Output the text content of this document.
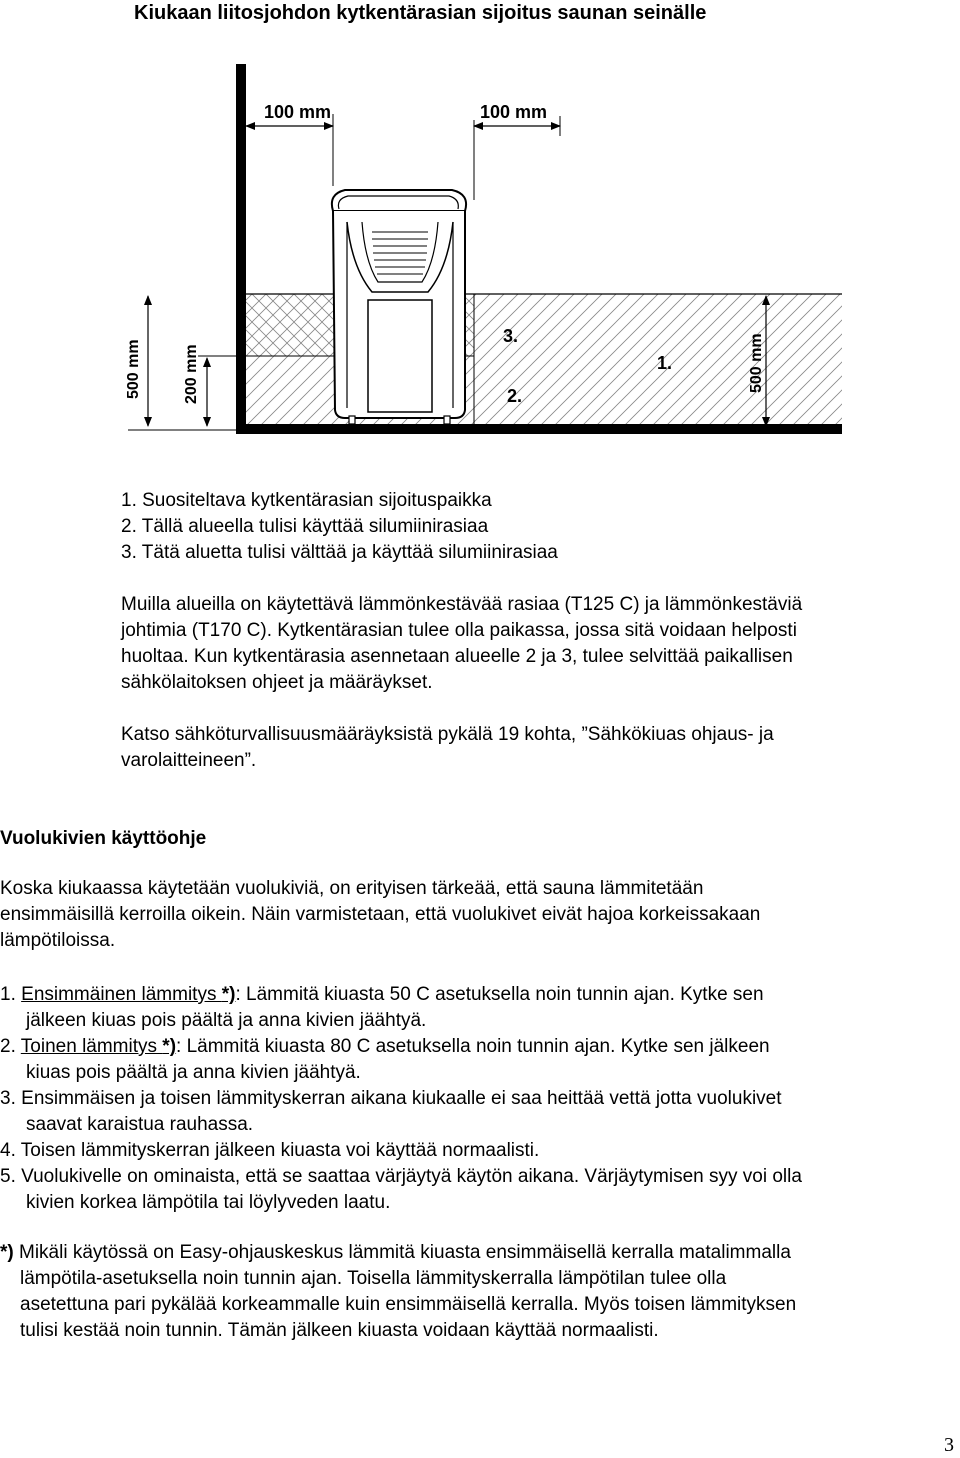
Kiukaan liitosjohdon kytkentärasian sijoitus saunan seinälle
100 mm	100 mm
500 mm	200 mm	500 mm
3.
2.
1.
1. Suositeltava kytkentärasian sijoituspaikka
2. Tällä alueella tulisi käyttää silumiinirasiaa
3. Tätä aluetta tulisi välttää ja käyttää silumiinirasiaa
Muilla alueilla on käytettävä lämmönkestävää rasiaa (T125 C) ja lämmönkestäviä
johtimia (T170 C). Kytkentärasian tulee olla paikassa, jossa sitä voidaan helposti
huoltaa. Kun kytkentärasia asennetaan alueelle 2 ja 3, tulee selvittää paikallisen
sähkölaitoksen ohjeet ja määräykset.
Katso sähköturvallisuusmääräyksistä pykälä 19 kohta, ”Sähkökiuas ohjaus- ja
varolaitteineen”.
Vuolukivien käyttöohje
Koska kiukaassa käytetään vuolukiviä, on erityisen tärkeää, että sauna lämmitetään
ensimmäisillä kerroilla oikein. Näin varmistetaan, että vuolukivet eivät hajoa korkeissakaan
lämpötiloissa.
1. Ensimmäinen lämmitys *): Lämmitä kiuasta 50 C asetuksella noin tunnin ajan. Kytke sen
jälkeen kiuas pois päältä ja anna kivien jäähtyä.
2. Toinen lämmitys *): Lämmitä kiuasta 80 C asetuksella noin tunnin ajan. Kytke sen jälkeen
kiuas pois päältä ja anna kivien jäähtyä.
3. Ensimmäisen ja toisen lämmityskerran aikana kiukaalle ei saa heittää vettä jotta vuolukivet
saavat karaistua rauhassa.
4. Toisen lämmityskerran jälkeen kiuasta voi käyttää normaalisti.
5. Vuolukivelle on ominaista, että se saattaa värjäytyä käytön aikana. Värjäytymisen syy voi olla
kivien korkea lämpötila tai löylyveden laatu.
*) Mikäli käytössä on Easy-ohjauskeskus lämmitä kiuasta ensimmäisellä kerralla matalimmalla
lämpötila-asetuksella noin tunnin ajan. Toisella lämmityskerralla lämpötilan tulee olla
asetettuna pari pykälää korkeammalle kuin ensimmäisellä kerralla. Myös toisen lämmityksen
tulisi kestää noin tunnin. Tämän jälkeen kiuasta voidaan käyttää normaalisti.
3
